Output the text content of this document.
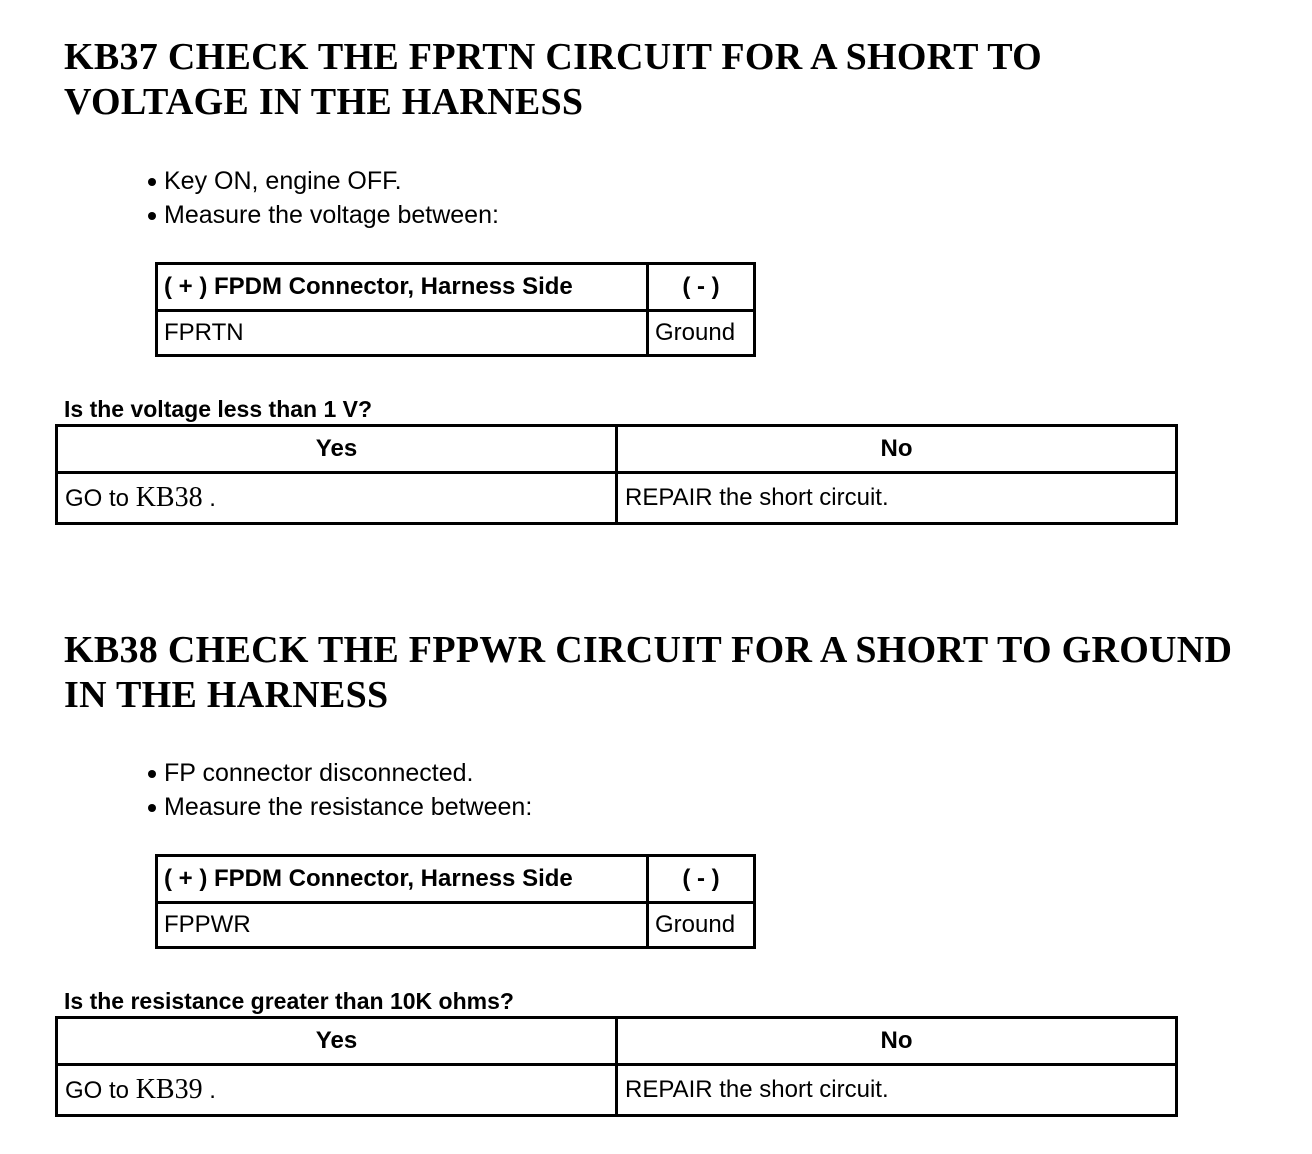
KB37 CHECK THE FPRTN CIRCUIT FOR A SHORT TO
VOLTAGE IN THE HARNESS
Key ON, engine OFF.
Measure the voltage between:
( + ) FPDM Connector, Harness Side	( - )
FPRTN	Ground

Is the voltage less than 1 V?

Yes	No
GO to KB38 .	REPAIR the short circuit.
KB38 CHECK THE FPPWR CIRCUIT FOR A SHORT TO GROUND
IN THE HARNESS
FP connector disconnected.
Measure the resistance between:
( + ) FPDM Connector, Harness Side	( - )
FPPWR	Ground

Is the resistance greater than 10K ohms?

Yes	No
GO to KB39 .	REPAIR the short circuit.
